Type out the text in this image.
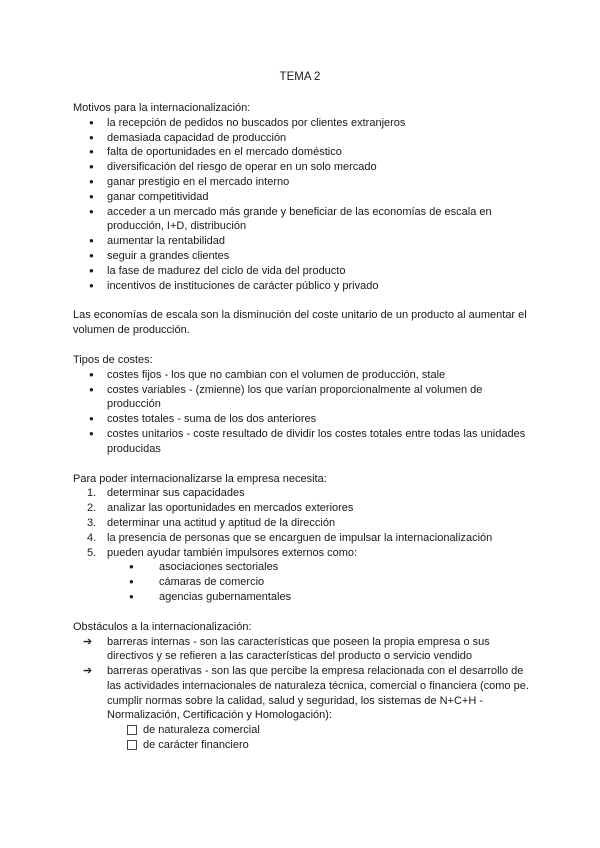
TEMA 2

Motivos para la internacionalización:

● la recepción de pedidos no buscados por clientes extranjeros
● demasiada capacidad de producción
● falta de oportunidades en el mercado doméstico
● diversificación del riesgo de operar en un solo mercado
● ganar prestigio en el mercado interno
● ganar competitividad
● acceder a un mercado más grande y beneficiar de las economías de escala en producción, I+D, distribución
● aumentar la rentabilidad
● seguir a grandes clientes
● la fase de madurez del ciclo de vida del producto
● incentivos de instituciones de carácter público y privado

Las economías de escala son la disminución del coste unitario de un producto al aumentar el volumen de producción.

Tipos de costes:

● costes fijos - los que no cambian con el volumen de producción, stale
● costes variables - (zmienne) los que varían proporcionalmente al volumen de producción
● costes totales - suma de los dos anteriores
● costes unitarios - coste resultado de dividir los costes totales entre todas las unidades producidas

Para poder internacionalizarse la empresa necesita:

1. determinar sus capacidades
2. analizar las oportunidades en mercados exteriores
3. determinar una actitud y aptitud de la dirección
4. la presencia de personas que se encarguen de impulsar la internacionalización
5. pueden ayudar también impulsores externos como:
● asociaciones sectoriales
● cámaras de comercio
● agencias gubernamentales

Obstáculos a la internacionalización:

➔ barreras internas - son las características que poseen la propia empresa o sus directivos y se refieren a las características del producto o servicio vendido
➔ barreras operativas - son las que percibe la empresa relacionada con el desarrollo de las actividades internacionales de naturaleza técnica, comercial o financiera (como pe. cumplir normas sobre la calidad, salud y seguridad, los sistemas de N+C+H - Normalización, Certificación y Homologación):
de naturaleza comercial
de carácter financiero
